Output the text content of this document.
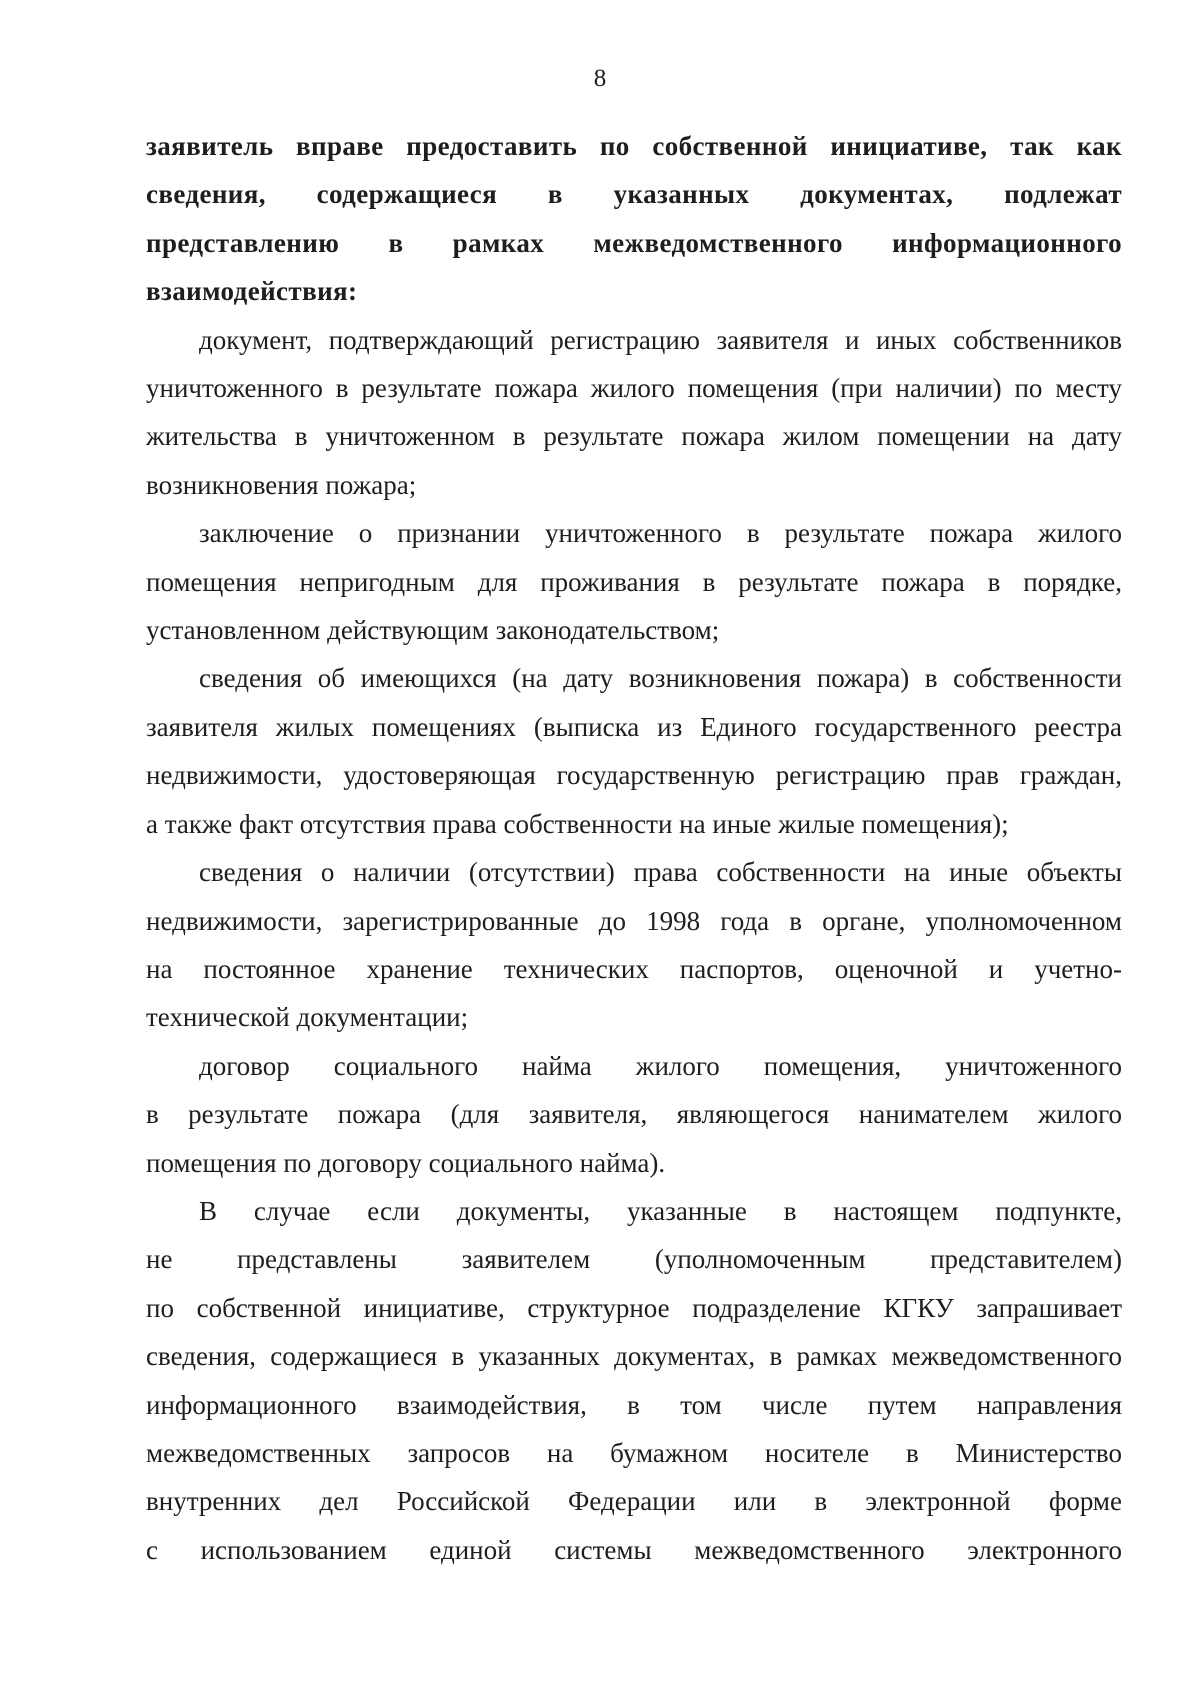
8
заявитель вправе предоставить по собственной инициативе, так как
сведения, содержащиеся в указанных документах, подлежат
представлению в рамках межведомственного информационного
взаимодействия:
документ, подтверждающий регистрацию заявителя и иных собственников
уничтоженного в результате пожара жилого помещения (при наличии) по месту
жительства в уничтоженном в результате пожара жилом помещении на дату
возникновения пожара;
заключение о признании уничтоженного в результате пожара жилого
помещения непригодным для проживания в результате пожара в порядке,
установленном действующим законодательством;
сведения об имеющихся (на дату возникновения пожара) в собственности
заявителя жилых помещениях (выписка из Единого государственного реестра
недвижимости, удостоверяющая государственную регистрацию прав граждан,
а также факт отсутствия права собственности на иные жилые помещения);
сведения о наличии (отсутствии) права собственности на иные объекты
недвижимости, зарегистрированные до 1998 года в органе, уполномоченном
на постоянное хранение технических паспортов, оценочной и учетно-
технической документации;
договор социального найма жилого помещения, уничтоженного
в результате пожара (для заявителя, являющегося нанимателем жилого
помещения по договору социального найма).
В случае если документы, указанные в настоящем подпункте,
не представлены заявителем (уполномоченным представителем)
по собственной инициативе, структурное подразделение КГКУ запрашивает
сведения, содержащиеся в указанных документах, в рамках межведомственного
информационного взаимодействия, в том числе путем направления
межведомственных запросов на бумажном носителе в Министерство
внутренних дел Российской Федерации или в электронной форме
с использованием единой системы межведомственного электронного
